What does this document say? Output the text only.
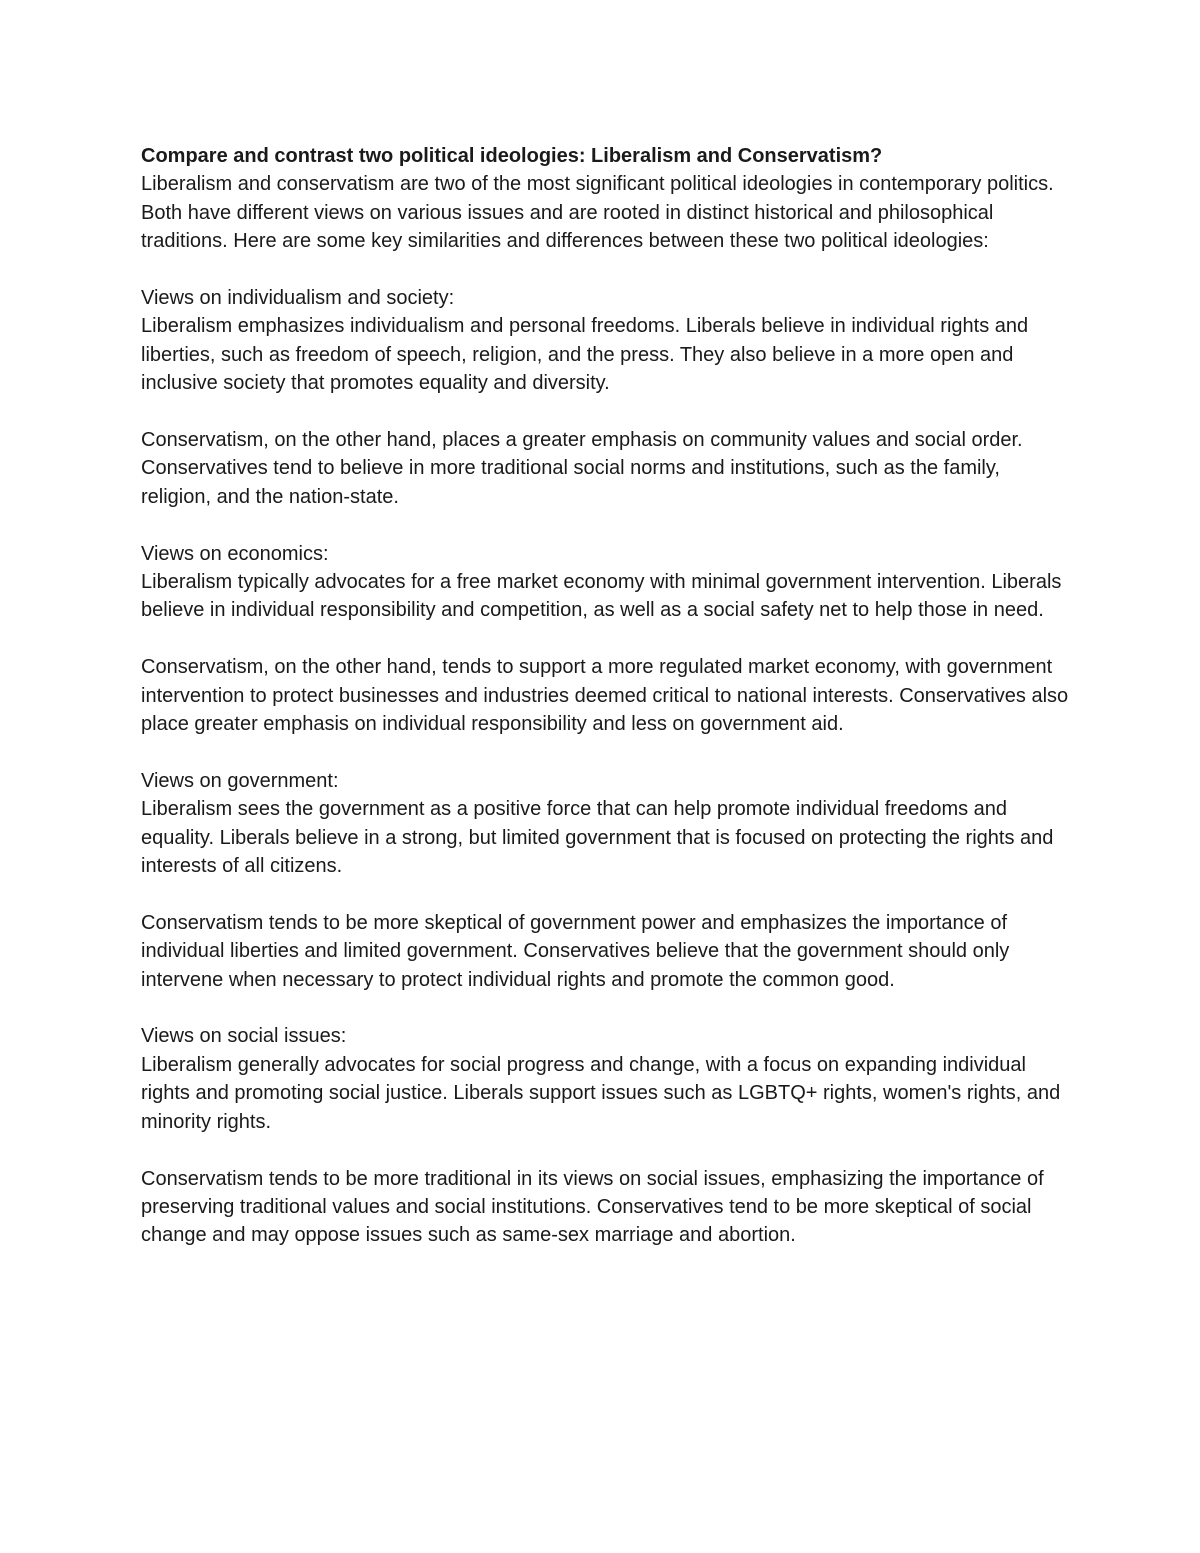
Compare and contrast two political ideologies: Liberalism and Conservatism?

Liberalism and conservatism are two of the most significant political ideologies in contemporary politics. Both have different views on various issues and are rooted in distinct historical and philosophical traditions. Here are some key similarities and differences between these two political ideologies:

Views on individualism and society:

Liberalism emphasizes individualism and personal freedoms. Liberals believe in individual rights and liberties, such as freedom of speech, religion, and the press. They also believe in a more open and inclusive society that promotes equality and diversity.

Conservatism, on the other hand, places a greater emphasis on community values and social order. Conservatives tend to believe in more traditional social norms and institutions, such as the family, religion, and the nation-state.

Views on economics:

Liberalism typically advocates for a free market economy with minimal government intervention. Liberals believe in individual responsibility and competition, as well as a social safety net to help those in need.

Conservatism, on the other hand, tends to support a more regulated market economy, with government intervention to protect businesses and industries deemed critical to national interests. Conservatives also place greater emphasis on individual responsibility and less on government aid.

Views on government:

Liberalism sees the government as a positive force that can help promote individual freedoms and equality. Liberals believe in a strong, but limited government that is focused on protecting the rights and interests of all citizens.

Conservatism tends to be more skeptical of government power and emphasizes the importance of individual liberties and limited government. Conservatives believe that the government should only intervene when necessary to protect individual rights and promote the common good.

Views on social issues:

Liberalism generally advocates for social progress and change, with a focus on expanding individual rights and promoting social justice. Liberals support issues such as LGBTQ+ rights, women's rights, and minority rights.

Conservatism tends to be more traditional in its views on social issues, emphasizing the importance of preserving traditional values and social institutions. Conservatives tend to be more skeptical of social change and may oppose issues such as same-sex marriage and abortion.
